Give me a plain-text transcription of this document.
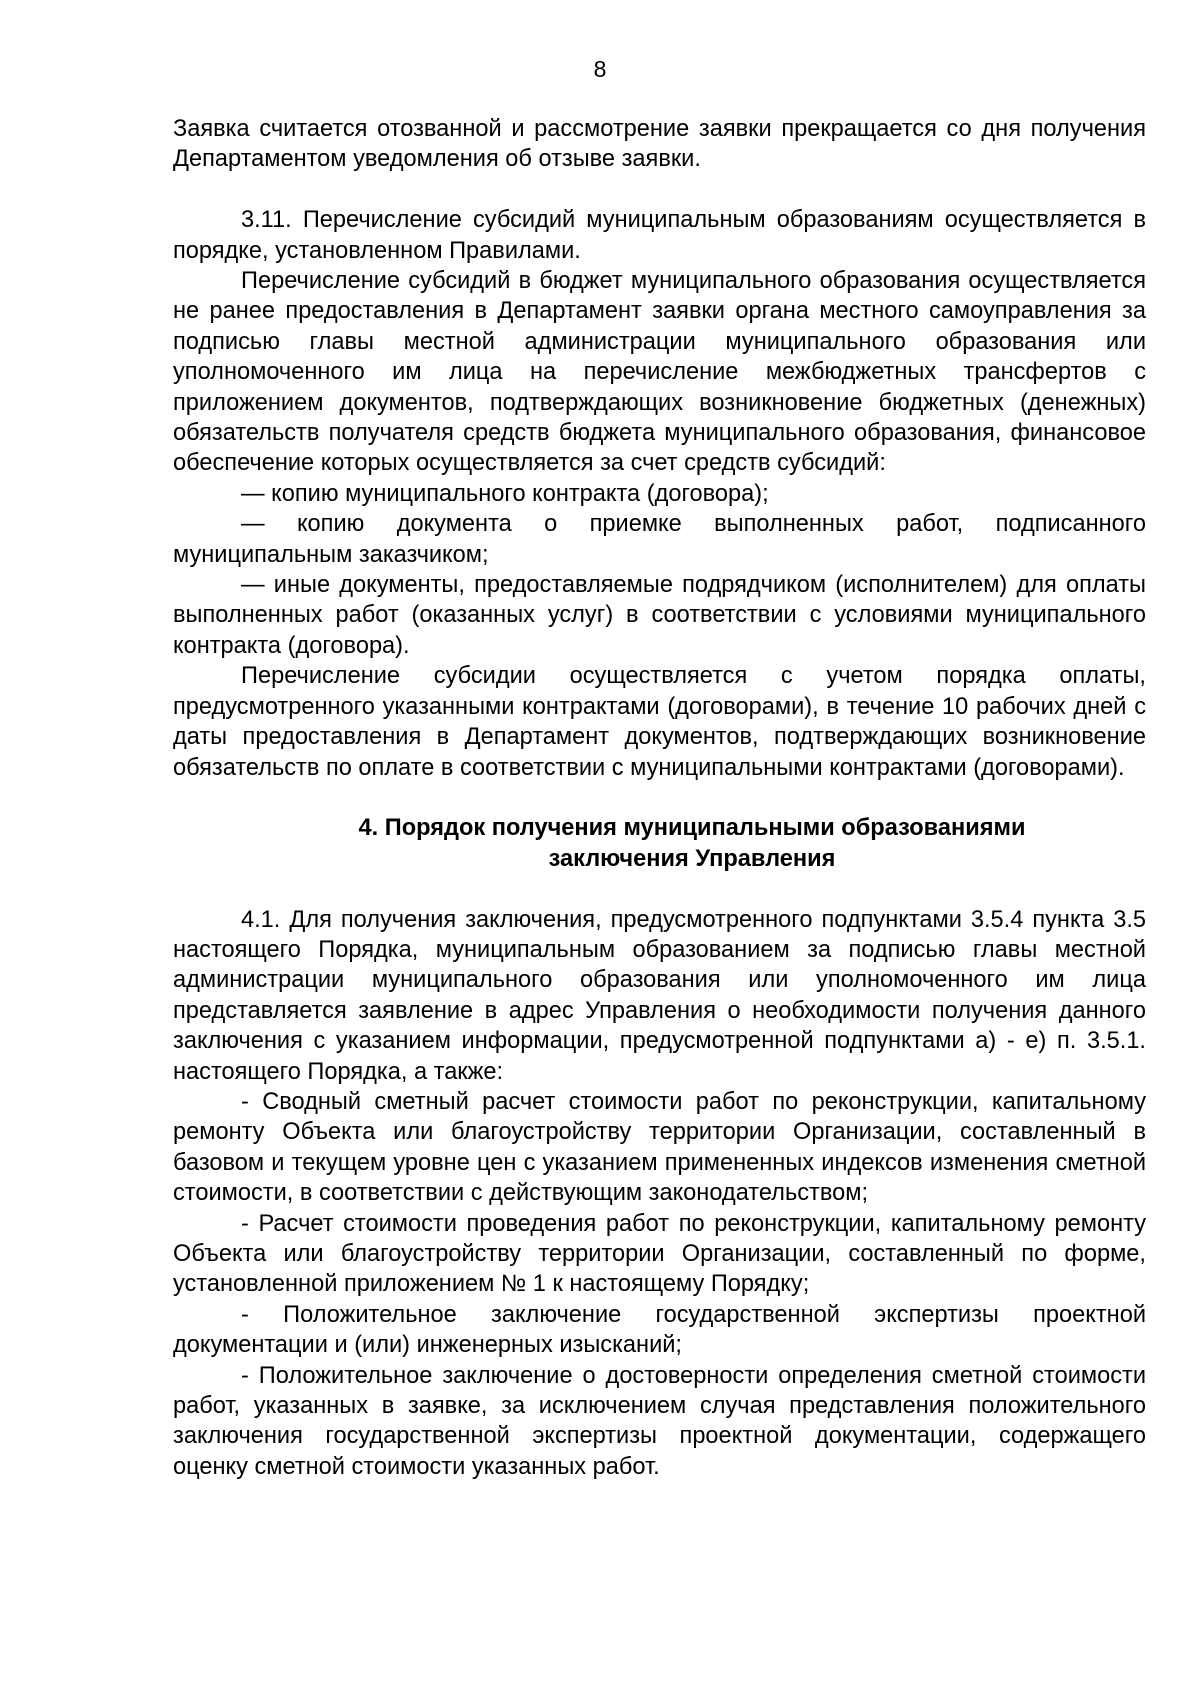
8

Заявка считается отозванной и рассмотрение заявки прекращается со дня получения Департаментом уведомления об отзыве заявки.

3.11. Перечисление субсидий муниципальным образованиям осуществляется в порядке, установленном Правилами.

Перечисление субсидий в бюджет муниципального образования осуществляется не ранее предоставления в Департамент заявки органа местного самоуправления за подписью главы местной администрации муниципального образования или уполномоченного им лица на перечисление межбюджетных трансфертов с приложением документов, подтверждающих возникновение бюджетных (денежных) обязательств получателя средств бюджета муниципального образования, финансовое обеспечение которых осуществляется за счет средств субсидий:

— копию муниципального контракта (договора);

— копию документа о приемке выполненных работ, подписанного муниципальным заказчиком;

— иные документы, предоставляемые подрядчиком (исполнителем) для оплаты выполненных работ (оказанных услуг) в соответствии с условиями муниципального контракта (договора).

Перечисление субсидии осуществляется с учетом порядка оплаты, предусмотренного указанными контрактами (договорами), в течение 10 рабочих дней с даты предоставления в Департамент документов, подтверждающих возникновение обязательств по оплате в соответствии с муниципальными контрактами (договорами).

4. Порядок получения муниципальными образованиями
заключения Управления

4.1. Для получения заключения, предусмотренного подпунктами 3.5.4 пункта 3.5 настоящего Порядка, муниципальным образованием за подписью главы местной администрации муниципального образования или уполномоченного им лица представляется заявление в адрес Управления о необходимости получения данного заключения с указанием информации, предусмотренной подпунктами а) - е) п. 3.5.1. настоящего Порядка, а также:

- Сводный сметный расчет стоимости работ по реконструкции, капитальному ремонту Объекта или благоустройству территории Организации, составленный в базовом и текущем уровне цен с указанием примененных индексов изменения сметной стоимости, в соответствии с действующим законодательством;

- Расчет стоимости проведения работ по реконструкции, капитальному ремонту Объекта или благоустройству территории Организации, составленный по форме, установленной приложением № 1 к настоящему Порядку;

- Положительное заключение государственной экспертизы проектной документации и (или) инженерных изысканий;

- Положительное заключение о достоверности определения сметной стоимости работ, указанных в заявке, за исключением случая представления положительного заключения государственной экспертизы проектной документации, содержащего оценку сметной стоимости указанных работ.
